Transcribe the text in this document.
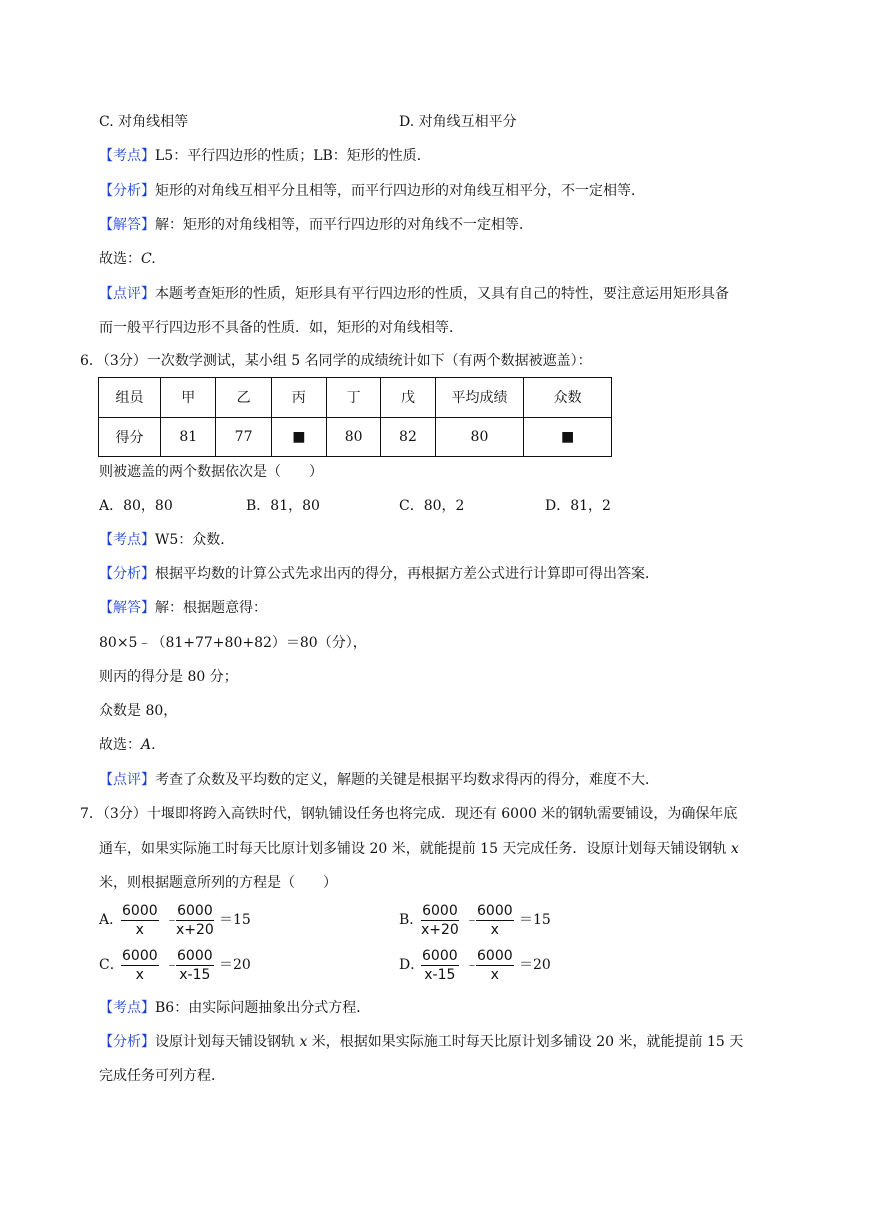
C. 对角线相等	D. 对角线互相平分
【考点】L5：平行四边形的性质；LB：矩形的性质．
【分析】矩形的对角线互相平分且相等，而平行四边形的对角线互相平分，不一定相等．
【解答】解：矩形的对角线相等，而平行四边形的对角线不一定相等．
故选：C.
【点评】本题考查矩形的性质，矩形具有平行四边形的性质，又具有自己的特性，要注意运用矩形具备
而一般平行四边形不具备的性质．如，矩形的对角线相等．
6．（3分）一次数学测试，某小组 5 名同学的成绩统计如下（有两个数据被遮盖）：
组员	甲	乙	丙	丁	戊	平均成绩	众数
得分	81	77	■	80	82	80	■
则被遮盖的两个数据依次是（　　）
A．80，80	B．81，80	C．80，2	D．81，2
【考点】W5：众数．
【分析】根据平均数的计算公式先求出丙的得分，再根据方差公式进行计算即可得出答案．
【解答】解：根据题意得：
80×5﹣（81+77+80+82）＝80（分），
则丙的得分是 80 分；
众数是 80，
故选：A.
【点评】考查了众数及平均数的定义，解题的关键是根据平均数求得丙的得分，难度不大．
7．（3分）十堰即将跨入高铁时代，钢轨铺设任务也将完成．现还有 6000 米的钢轨需要铺设，为确保年底
通车，如果实际施工时每天比原计划多铺设 20 米，就能提前 15 天完成任务．设原计划每天铺设钢轨 x
米，则根据题意所列的方程是（　　）
A．
$\frac{6000}{x}$ ﹣
$\frac{6000}{x+20} =15$	B．
$\frac{6000}{x+20}$ ﹣
$\frac{6000}{x} =15$
C．
$\frac{6000}{x}$ ﹣
$\frac{6000}{x-15} =20$	D．
$\frac{6000}{x-15}$ ﹣
$\frac{6000}{x} =20$
【考点】B6：由实际问题抽象出分式方程．
【分析】设原计划每天铺设钢轨 x 米，根据如果实际施工时每天比原计划多铺设 20 米，就能提前 15 天
完成任务可列方程．
